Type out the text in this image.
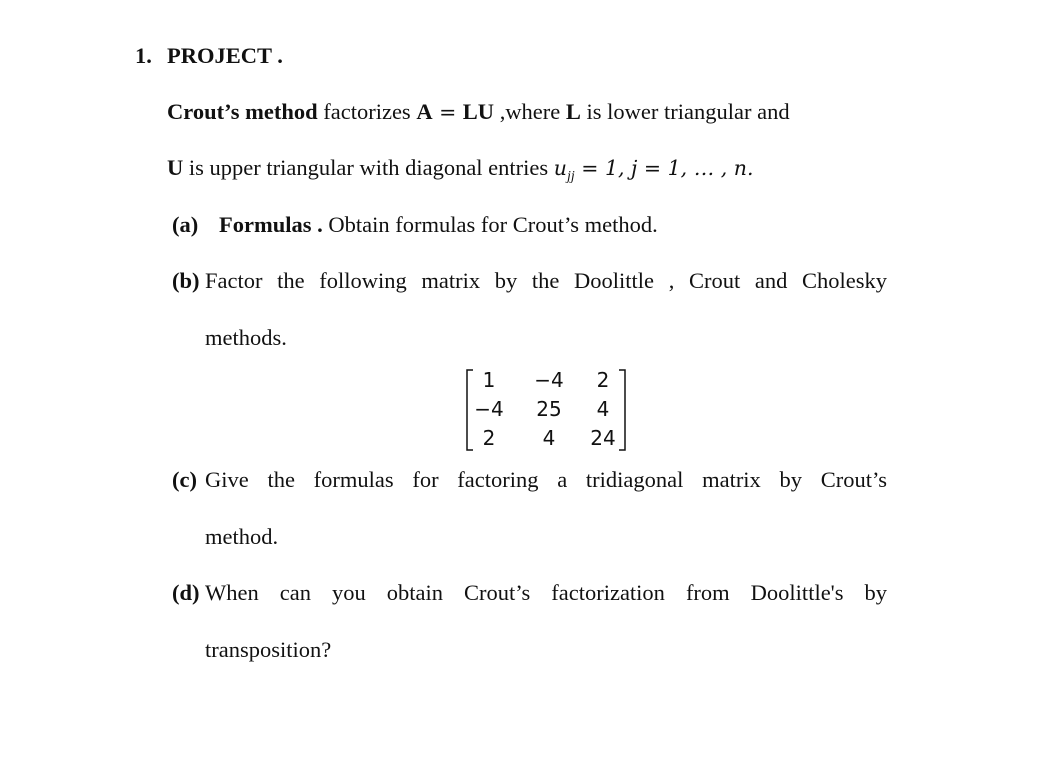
1. PROJECT .
Crout’s method factorizes A = LU ,where L is lower triangular and
U is upper triangular with diagonal entries $u_{jj} = 1$, j = 1, … , n.
(a) Formulas . Obtain formulas for Crout’s method.
(b) Factor the following matrix by the Doolittle , Crout and Cholesky
methods.
1	−4	2
−4	25	4
2	4	24
(c) Give the formulas for factoring a tridiagonal matrix by Crout’s
method.
(d) When can you obtain Crout’s factorization from Doolittle's by
transposition?
